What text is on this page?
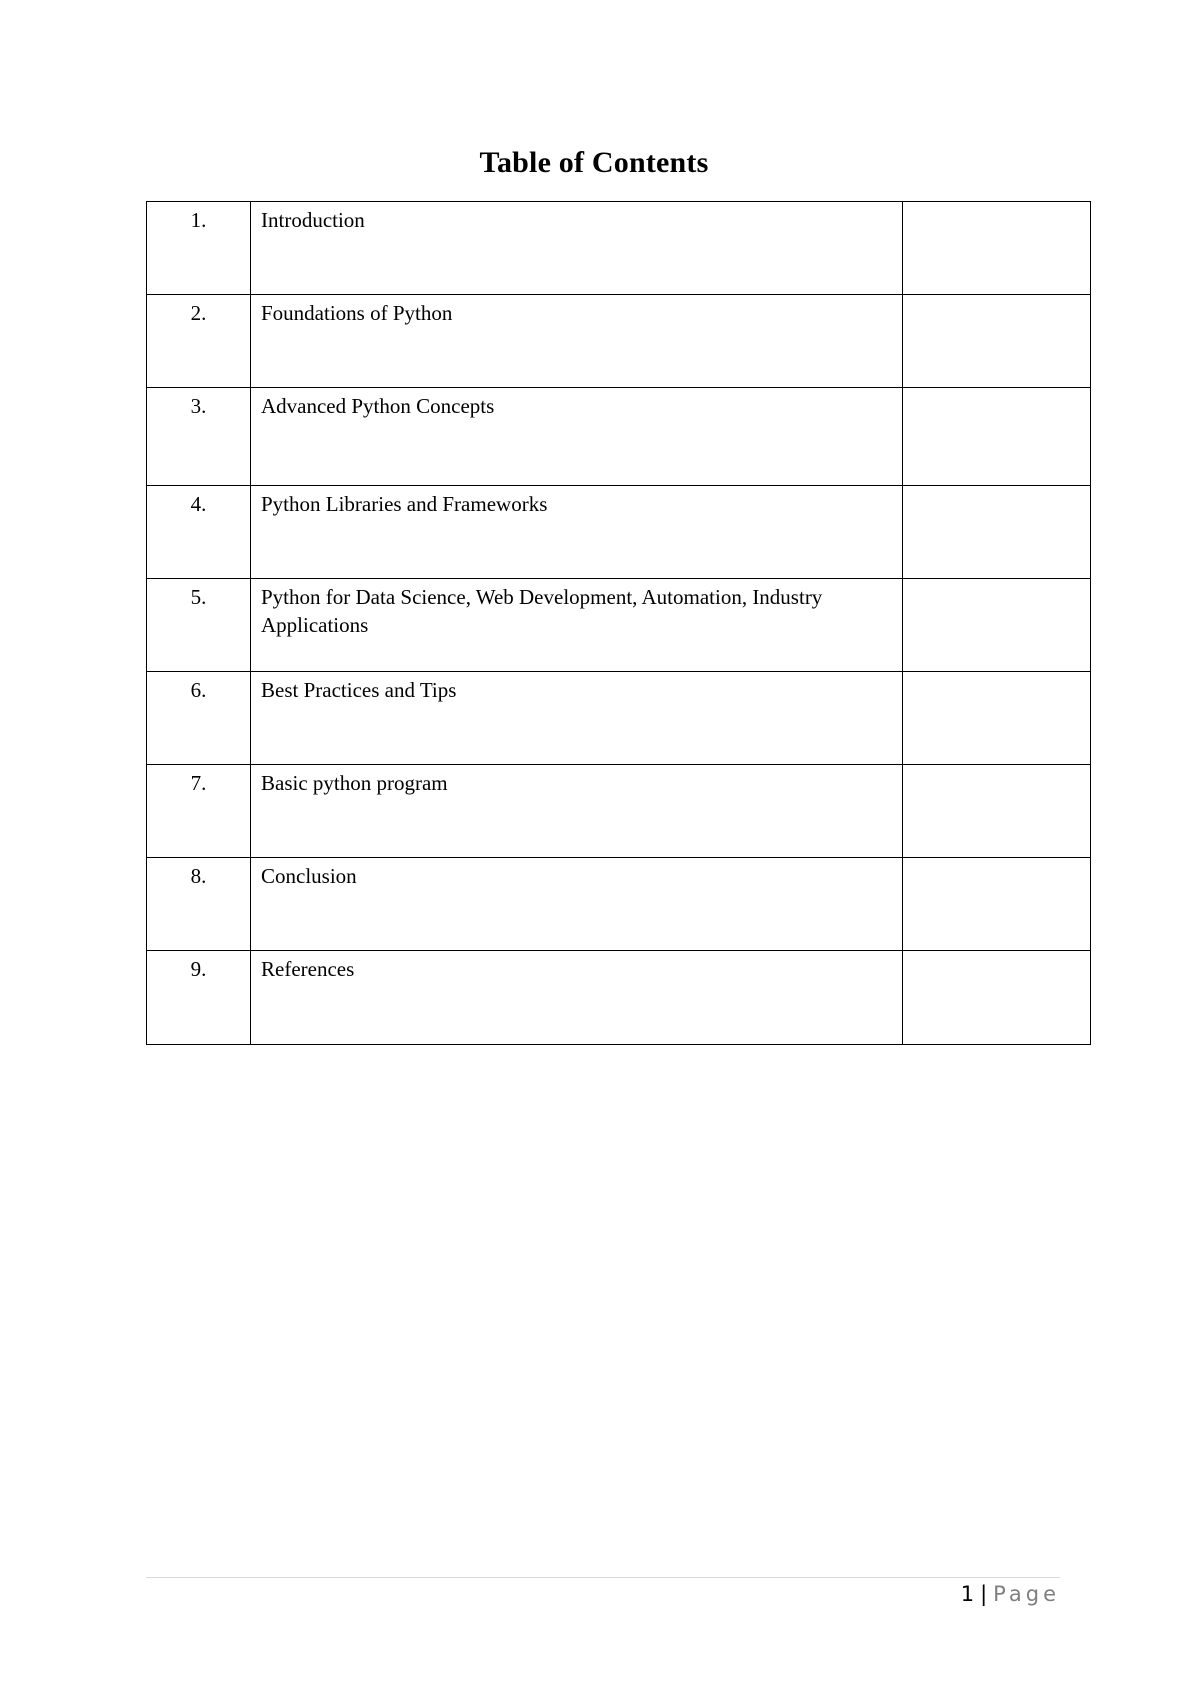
Table of Contents
1.	Introduction	
2.	Foundations of Python	
3.	Advanced Python Concepts	
4.	Python Libraries and Frameworks	
5.	Python for Data Science, Web Development, Automation, Industry Applications	
6.	Best Practices and Tips	
7.	Basic python program	
8.	Conclusion	
9.	References	
1 | Page
